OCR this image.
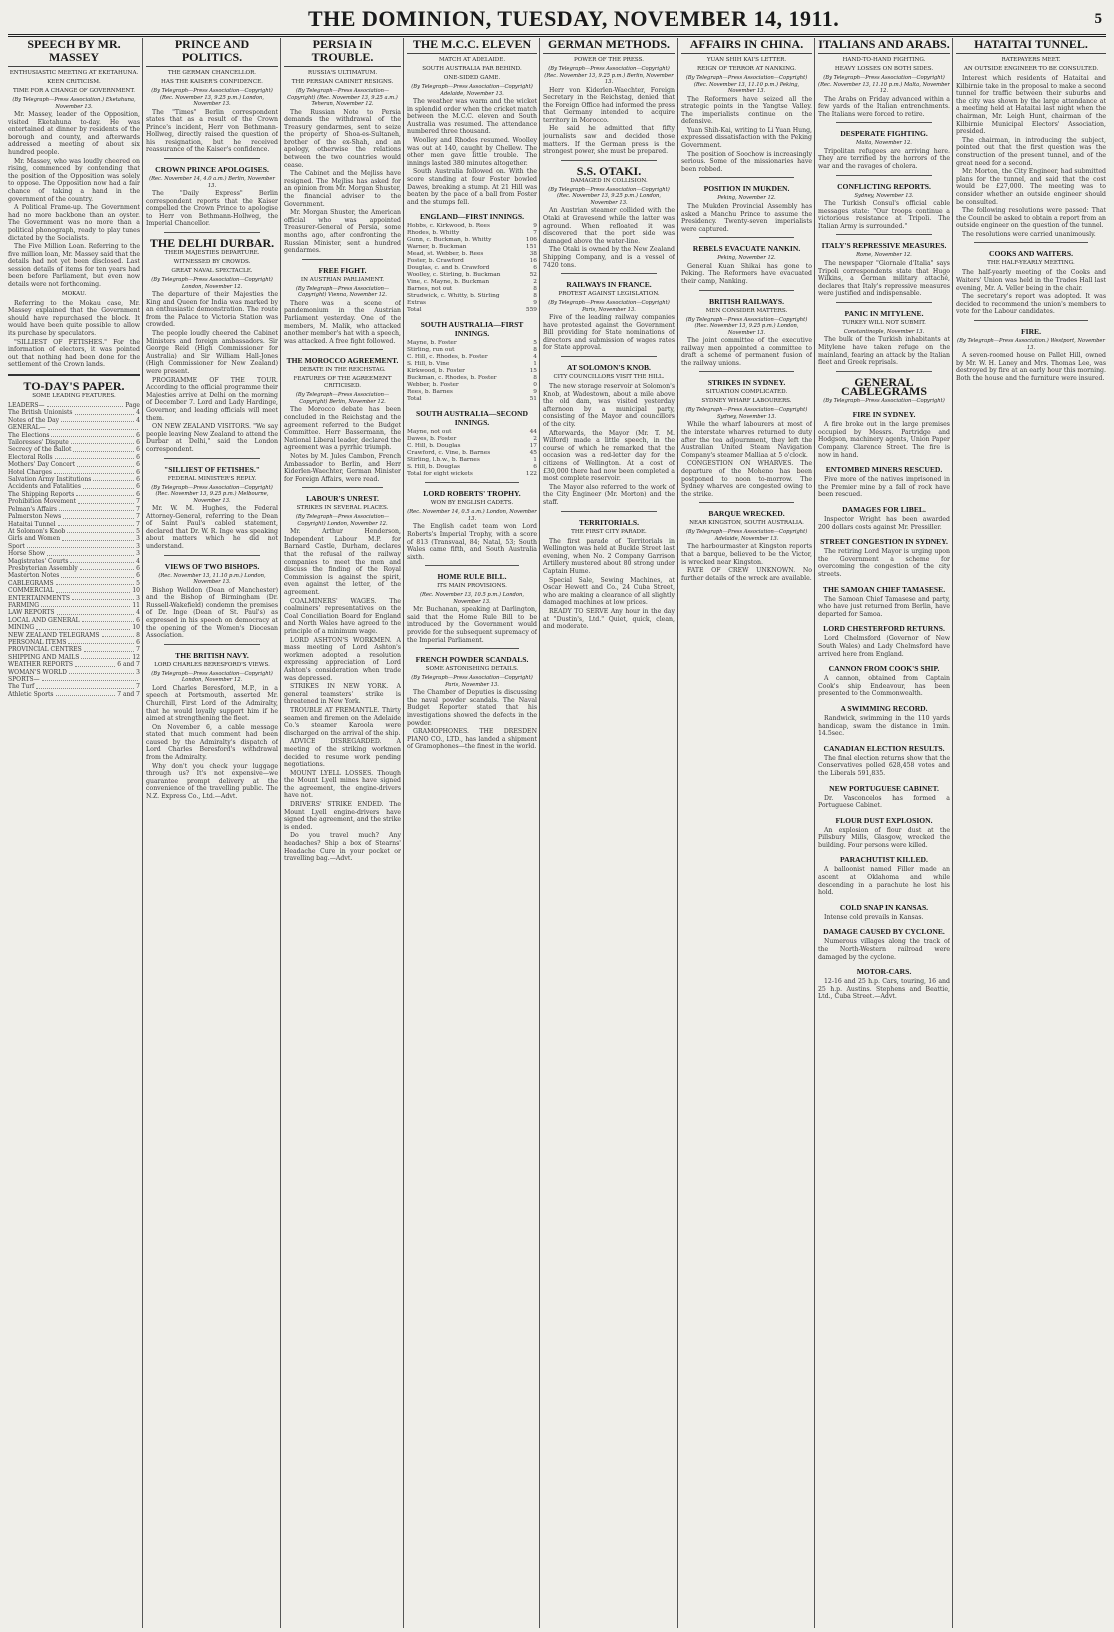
THE DOMINION, TUESDAY, NOVEMBER 14, 1911.	5
SPEECH BY MR. MASSEY
ENTHUSIASTIC MEETING AT EKETAHUNA.
KEEN CRITICISM.
TIME FOR A CHANGE OF GOVERNMENT.
(By Telegraph—Press Association.) Eketahuna, November 13.

Mr. Massey, leader of the Opposition, visited Eketahuna to-day. He was entertained at dinner by residents of the borough and county, and afterwards addressed a meeting of about six hundred people.

Mr. Massey, who was loudly cheered on rising, commenced by contending that the position of the Opposition was solely to oppose. The Opposition now had a fair chance of taking a hand in the government of the country.

A Political Frame-up. The Government had no more backbone than an oyster. The Government was no more than a political phonograph, ready to play tunes dictated by the Socialists.

The Five Million Loan. Referring to the five million loan, Mr. Massey said that the details had not yet been disclosed. Last session details of items for ten years had been before Parliament, but even now details were not forthcoming.

MOKAU.

Referring to the Mokau case, Mr. Massey explained that the Government should have repurchased the block. It would have been quite possible to allow its purchase by speculators.

"SILLIEST OF FETISHES." For the information of electors, it was pointed out that nothing had been done for the settlement of the Crown lands.

TO-DAY'S PAPER.
SOME LEADING FEATURES.
LEADERS—	Page
The British Unionists	4
Notes of the Day	4
GENERAL—
The Elections	6
Tailoresses' Dispute	6
Secrecy of the Ballot	6
Electoral Rolls	6
Mothers' Day Concert	6
Hotel Charges	6
Salvation Army Institutions	6
Accidents and Fatalities	6
The Shipping Reports	6
Prohibition Movement	7
Pelman's Affairs	7
Palmerston News	7
Hataitai Tunnel	7
At Solomon's Knob	5
Girls and Women	3
Sport	3
Horse Show	3
Magistrates' Courts	4
Presbyterian Assembly	6
Masterton Notes	6
CABLEGRAMS	5
COMMERCIAL	10
ENTERTAINMENTS	3
FARMING	11
LAW REPORTS	4
LOCAL AND GENERAL	6
MINING	10
NEW ZEALAND TELEGRAMS	8
PERSONAL ITEMS	6
PROVINCIAL CENTRES	7
SHIPPING AND MAILS	12
WEATHER REPORTS	6 and 7
WOMAN'S WORLD	3
SPORTS—
The Turf	7
Athletic Sports	7 and 7
PRINCE AND POLITICS.
THE GERMAN CHANCELLOR.
HAS THE KAISER'S CONFIDENCE.
(By Telegraph—Press Association—Copyright) (Rec. November 13, 9.25 p.m.) London, November 13.

The "Times" Berlin correspondent states that as a result of the Crown Prince's incident, Herr von Bethmann-Hollweg, directly raised the question of his resignation, but he received reassurance of the Kaiser's confidence.

CROWN PRINCE APOLOGISES.
(Rec. November 14, 4.0 a.m.) Berlin, November 13.

The "Daily Express" Berlin correspondent reports that the Kaiser compelled the Crown Prince to apologise to Herr von Bethmann-Hollweg, the Imperial Chancellor.

THE DELHI DURBAR.
THEIR MAJESTIES DEPARTURE.
WITNESSED BY CROWDS.
GREAT NAVAL SPECTACLE.
(By Telegraph—Press Association—Copyright) London, November 12.

The departure of their Majesties the King and Queen for India was marked by an enthusiastic demonstration. The route from the Palace to Victoria Station was crowded.

The people loudly cheered the Cabinet Ministers and foreign ambassadors. Sir George Reid (High Commissioner for Australia) and Sir William Hall-Jones (High Commissioner for New Zealand) were present.

PROGRAMME OF THE TOUR. According to the official programme their Majesties arrive at Delhi on the morning of December 7. Lord and Lady Hardinge, Governor, and leading officials will meet them.

ON NEW ZEALAND VISITORS. "We say people leaving New Zealand to attend the Durbar at Delhi," said the London correspondent.

"SILLIEST OF FETISHES."
FEDERAL MINISTER'S REPLY.
(By Telegraph—Press Association—Copyright) (Rec. November 13, 9.25 p.m.) Melbourne, November 13.

Mr. W. M. Hughes, the Federal Attorney-General, referring to the Dean of Saint Paul's cabled statement, declared that Dr. W. R. Inge was speaking about matters which he did not understand.

VIEWS OF TWO BISHOPS.
(Rec. November 13, 11.10 p.m.) London, November 13.

Bishop Welldon (Dean of Manchester) and the Bishop of Birmingham (Dr. Russell-Wakefield) condemn the premises of Dr. Inge (Dean of St. Paul's) as expressed in his speech on democracy at the opening of the Women's Diocesan Association.

THE BRITISH NAVY.
LORD CHARLES BERESFORD'S VIEWS.
(By Telegraph—Press Association—Copyright) London, November 12.

Lord Charles Beresford, M.P., in a speech at Portsmouth, asserted Mr. Churchill, First Lord of the Admiralty, that he would loyally support him if he aimed at strengthening the fleet.

On November 6, a cable message stated that much comment had been caused by the Admiralty's dispatch of Lord Charles Beresford's withdrawal from the Admiralty.

Why don't you check your luggage through us? It's not expensive—we guarantee prompt delivery at the convenience of the travelling public. The N.Z. Express Co., Ltd.—Advt.

PERSIA IN TROUBLE.
RUSSIA'S ULTIMATUM.
THE PERSIAN CABINET RESIGNS.
(By Telegraph—Press Association—Copyright) (Rec. November 13, 9.25 a.m.) Teheran, November 12.

The Russian Note to Persia demands the withdrawal of the Treasury gendarmes, sent to seize the property of Shoa-es-Sultaneh, brother of the ex-Shah, and an apology, otherwise the relations between the two countries would cease.

The Cabinet and the Mejliss have resigned. The Mejliss has asked for an opinion from Mr. Morgan Shuster, the financial adviser to the Government.

Mr. Morgan Shuster, the American official who was appointed Treasurer-General of Persia, some months ago, after confronting the Russian Minister, sent a hundred gendarmes.

FREE FIGHT.
IN AUSTRIAN PARLIAMENT.
(By Telegraph—Press Association—Copyright) Vienna, November 12.

There was a scene of pandemonium in the Austrian Parliament yesterday. One of the members, M. Malik, who attacked another member's hat with a speech, was attacked. A free fight followed.

THE MOROCCO AGREEMENT.
DEBATE IN THE REICHSTAG.
FEATURES OF THE AGREEMENT CRITICISED.
(By Telegraph—Press Association—Copyright) Berlin, November 12.

The Morocco debate has been concluded in the Reichstag and the agreement referred to the Budget Committee. Herr Bassermann, the National Liberal leader, declared the agreement was a pyrrhic triumph.

Notes by M. Jules Cambon, French Ambassador to Berlin, and Herr Kiderlen-Waechter, German Minister for Foreign Affairs, were read.

LABOUR'S UNREST.
STRIKES IN SEVERAL PLACES.
(By Telegraph—Press Association—Copyright) London, November 12.

Mr. Arthur Henderson, Independent Labour M.P. for Barnard Castle, Durham, declares that the refusal of the railway companies to meet the men and discuss the finding of the Royal Commission is against the spirit, even against the letter, of the agreement.

COALMINERS' WAGES. The coalminers' representatives on the Coal Conciliation Board for England and North Wales have agreed to the principle of a minimum wage.

LORD ASHTON'S WORKMEN. A mass meeting of Lord Ashton's workmen adopted a resolution expressing appreciation of Lord Ashton's consideration when trade was depressed.

STRIKES IN NEW YORK. A general teamsters' strike is threatened in New York.

TROUBLE AT FREMANTLE. Thirty seamen and firemen on the Adelaide Co.'s steamer Karoola were discharged on the arrival of the ship.

ADVICE DISREGARDED. A meeting of the striking workmen decided to resume work pending negotiations.

MOUNT LYELL LOSSES. Though the Mount Lyell mines have signed the agreement, the engine-drivers have not.

DRIVERS' STRIKE ENDED. The Mount Lyell engine-drivers have signed the agreement, and the strike is ended.

Do you travel much? Any headaches? Ship a box of Stearns' Headache Cure in your pocket or travelling bag.—Advt.

THE M.C.C. ELEVEN
MATCH AT ADELAIDE.
SOUTH AUSTRALIA FAR BEHIND.
ONE-SIDED GAME.
(By Telegraph—Press Association—Copyright) Adelaide, November 13.

The weather was warm and the wicket in splendid order when the cricket match between the M.C.C. eleven and South Australia was resumed. The attendance numbered three thousand.

Woolley and Rhodes resumed. Woolley was out at 140, caught by Chellew. The other men gave little trouble. The innings lasted 380 minutes altogether.

South Australia followed on. With the score standing at four Foster bowled Dawes, breaking a stump. At 21 Hill was beaten by the pace of a ball from Foster and the stumps fell.

ENGLAND—FIRST INNINGS.
Hobbs, c. Kirkwood, b. Rees	9
Rhodes, b. Whitty	7
Gunn, c. Buckman, b. Whitty	106
Warner, b. Buckman	151
Mead, st. Webber, b. Rees	38
Foster, b. Crawford	16
Douglas, c. and b. Crawford	6
Woolley, c. Stirling, b. Buckman	52
Vine, c. Mayne, b. Buckman	2
Barnes, not out	8
Strudwick, c. Whitty, b. Stirling	8
Extras	9
Total	559
SOUTH AUSTRALIA—FIRST INNINGS.
Mayne, b. Foster	5
Stirling, run out	8
C. Hill, c. Rhodes, b. Foster	4
S. Hill, b. Vine	1
Kirkwood, b. Foster	15
Buckman, c. Rhodes, b. Foster	8
Webber, b. Foster	0
Rees, b. Barnes	9
Total	51
SOUTH AUSTRALIA—SECOND INNINGS.
Mayne, not out	44
Dawes, b. Foster	2
C. Hill, b. Douglas	17
Crawford, c. Vine, b. Barnes	45
Stirling, l.b.w., b. Barnes	1
S. Hill, b. Douglas	6
Total for eight wickets	122
LORD ROBERTS' TROPHY.
WON BY ENGLISH CADETS.
(Rec. November 14, 0.5 a.m.) London, November 13.

The English cadet team won Lord Roberts's Imperial Trophy, with a score of 813 (Transvaal, 84; Natal, 53; South Wales came fifth, and South Australia sixth.

HOME RULE BILL.
ITS MAIN PROVISIONS.
(Rec. November 13, 10.5 p.m.) London, November 13.

Mr. Buchanan, speaking at Darlington, said that the Home Rule Bill to be introduced by the Government would provide for the subsequent supremacy of the Imperial Parliament.

FRENCH POWDER SCANDALS.
SOME ASTONISHING DETAILS.
(By Telegraph—Press Association—Copyright) Paris, November 13.

The Chamber of Deputies is discussing the naval powder scandals. The Naval Budget Reporter stated that his investigations showed the defects in the powder.

GRAMOPHONES. THE DRESDEN PIANO CO., LTD., has landed a shipment of Gramophones—the finest in the world.

GERMAN METHODS.
POWER OF THE PRESS.
(By Telegraph—Press Association—Copyright) (Rec. November 13, 9.25 p.m.) Berlin, November 13.

Herr von Kiderlen-Waechter, Foreign Secretary in the Reichstag, denied that the Foreign Office had informed the press that Germany intended to acquire territory in Morocco.

He said he admitted that fifty journalists saw and decided those matters. If the German press is the strongest power, she must be prepared.

S.S. OTAKI.
DAMAGED IN COLLISION.
(By Telegraph—Press Association—Copyright) (Rec. November 13, 9.25 p.m.) London, November 13.

An Austrian steamer collided with the Otaki at Gravesend while the latter was aground. When refloated it was discovered that the port side was damaged above the water-line.

The Otaki is owned by the New Zealand Shipping Company, and is a vessel of 7420 tons.

RAILWAYS IN FRANCE.
PROTEST AGAINST LEGISLATION.
(By Telegraph—Press Association—Copyright) Paris, November 13.

Five of the leading railway companies have protested against the Government Bill providing for State nominations of directors and submission of wages rates for State approval.

AT SOLOMON'S KNOB.
CITY COUNCILLORS VISIT THE HILL.

The new storage reservoir at Solomon's Knob, at Wadestown, about a mile above the old dam, was visited yesterday afternoon by a municipal party, consisting of the Mayor and councillors of the city.

Afterwards, the Mayor (Mr. T. M. Wilford) made a little speech, in the course of which he remarked that the occasion was a red-letter day for the citizens of Wellington. At a cost of £30,000 there had now been completed a most complete reservoir.

The Mayor also referred to the work of the City Engineer (Mr. Morton) and the staff.

TERRITORIALS.
THE FIRST CITY PARADE.

The first parade of Territorials in Wellington was held at Buckle Street last evening, when No. 2 Company Garrison Artillery mustered about 80 strong under Captain Hume.

Special Sale, Sewing Machines, at Oscar Hewett and Co., 24 Cuba Street, who are making a clearance of all slightly damaged machines at low prices.

READY TO SERVE Any hour in the day at "Dustin's, Ltd." Quiet, quick, clean, and moderate.

AFFAIRS IN CHINA.
YUAN SHIH KAI'S LETTER.
REIGN OF TERROR AT NANKING.
(By Telegraph—Press Association—Copyright) (Rec. November 13, 11.10 p.m.) Peking, November 13.

The Reformers have seized all the strategic points in the Yangtse Valley. The imperialists continue on the defensive.

Yuan Shih-Kai, writing to Li Yuan Hung, expressed dissatisfaction with the Peking Government.

The position of Soochow is increasingly serious. Some of the missionaries have been robbed.

POSITION IN MUKDEN.
Peking, November 12.

The Mukden Provincial Assembly has asked a Manchu Prince to assume the Presidency. Twenty-seven imperialists were captured.

REBELS EVACUATE NANKIN.
Peking, November 12.

General Kuan Shikai has gone to Peking. The Reformers have evacuated their camp, Nanking.

BRITISH RAILWAYS.
MEN CONSIDER MATTERS.
(By Telegraph—Press Association—Copyright) (Rec. November 13, 9.25 p.m.) London, November 13.

The joint committee of the executive railway men appointed a committee to draft a scheme of permanent fusion of the railway unions.

STRIKES IN SYDNEY.
SITUATION COMPLICATED.
SYDNEY WHARF LABOURERS.
(By Telegraph—Press Association—Copyright) Sydney, November 13.

While the wharf labourers at most of the interstate wharves returned to duty after the tea adjournment, they left the Australian United Steam Navigation Company's steamer Malliaa at 5 o'clock.

CONGESTION ON WHARVES. The departure of the Moheno has been postponed to noon to-morrow. The Sydney wharves are congested owing to the strike.

BARQUE WRECKED.
NEAR KINGSTON, SOUTH AUSTRALIA.
(By Telegraph—Press Association—Copyright) Adelaide, November 13.

The harbourmaster at Kingston reports that a barque, believed to be the Victor, is wrecked near Kingston.

FATE OF CREW UNKNOWN. No further details of the wreck are available.

ITALIANS AND ARABS.
HAND-TO-HAND FIGHTING.
HEAVY LOSSES ON BOTH SIDES.
(By Telegraph—Press Association—Copyright) (Rec. November 13, 11.10 p.m.) Malta, November 12.

The Arabs on Friday advanced within a few yards of the Italian entrenchments. The Italians were forced to retire.

DESPERATE FIGHTING.
Malta, November 12.

Tripolitan refugees are arriving here. They are terrified by the horrors of the war and the ravages of cholera.

CONFLICTING REPORTS.
Sydney, November 13.

The Turkish Consul's official cable messages state: "Our troops continue a victorious resistance at Tripoli. The Italian Army is surrounded."

ITALY'S REPRESSIVE MEASURES.
Rome, November 12.

The newspaper "Giornale d'Italia" says Tripoli correspondents state that Hugo Wilkins, a German military attaché, declares that Italy's repressive measures were justified and indispensable.

PANIC IN MITYLENE.
TURKEY WILL NOT SUBMIT.
Constantinople, November 13.

The bulk of the Turkish inhabitants at Mitylene have taken refuge on the mainland, fearing an attack by the Italian fleet and Greek reprisals.

GENERAL CABLEGRAMS
(By Telegraph—Press Association—Copyright)
FIRE IN SYDNEY.

A fire broke out in the large premises occupied by Messrs. Partridge and Hodgson, machinery agents, Union Paper Company. Clarence Street. The fire is now in hand.

ENTOMBED MINERS RESCUED.

Five more of the natives imprisoned in the Premier mine by a fall of rock have been rescued.

DAMAGES FOR LIBEL.

Inspector Wright has been awarded 200 dollars costs against Mr. Pressiller.

STREET CONGESTION IN SYDNEY.

The retiring Lord Mayor is urging upon the Government a scheme for overcoming the congestion of the city streets.

THE SAMOAN CHIEF TAMASESE.

The Samoan Chief Tamasese and party, who have just returned from Berlin, have departed for Samoa.

LORD CHESTERFORD RETURNS.

Lord Chelmsford (Governor of New South Wales) and Lady Chelmsford have arrived here from England.

CANNON FROM COOK'S SHIP.

A cannon, obtained from Captain Cook's ship Endeavour, has been presented to the Commonwealth.

A SWIMMING RECORD.

Randwick, swimming in the 110 yards handicap, swam the distance in 1min. 14.5sec.

CANADIAN ELECTION RESULTS.

The final election returns show that the Conservatives polled 628,458 votes and the Liberals 591,835.

NEW PORTUGUESE CABINET.

Dr. Vasconcelos has formed a Portuguese Cabinet.

FLOUR DUST EXPLOSION.

An explosion of flour dust at the Pillsbury Mills, Glasgow, wrecked the building. Four persons were killed.

PARACHUTIST KILLED.

A balloonist named Filler made an ascent at Oklahoma and while descending in a parachute he lost his hold.

COLD SNAP IN KANSAS.

Intense cold prevails in Kansas.

DAMAGE CAUSED BY CYCLONE.

Numerous villages along the track of the North-Western railroad were damaged by the cyclone.

MOTOR-CARS.

12-16 and 25 h.p. Cars, touring, 16 and 25 h.p. Austins. Stephens and Beattie, Ltd., Cuba Street.—Advt.

HATAITAI TUNNEL.
RATEPAYERS MEET.
AN OUTSIDE ENGINEER TO BE CONSULTED.

Interest which residents of Hataitai and Kilbirnie take in the proposal to make a second tunnel for traffic between their suburbs and the city was shown by the large attendance at a meeting held at Hataitai last night when the chairman, Mr. Leigh Hunt, chairman of the Kilbirnie Municipal Electors' Association, presided.

The chairman, in introducing the subject, pointed out that the first question was the construction of the present tunnel, and of the great need for a second.

Mr. Morton, the City Engineer, had submitted plans for the tunnel, and said that the cost would be £27,000. The meeting was to consider whether an outside engineer should be consulted.

The following resolutions were passed: That the Council be asked to obtain a report from an outside engineer on the question of the tunnel.

The resolutions were carried unanimously.

COOKS AND WAITERS.
THE HALF-YEARLY MEETING.

The half-yearly meeting of the Cooks and Waiters' Union was held in the Trades Hall last evening, Mr. A. Veller being in the chair.

The secretary's report was adopted. It was decided to recommend the union's members to vote for the Labour candidates.

FIRE.
(By Telegraph—Press Association.) Westport, November 13.

A seven-roomed house on Pallet Hill, owned by Mr. W. H. Laney and Mrs. Thomas Lee, was destroyed by fire at an early hour this morning. Both the house and the furniture were insured.
